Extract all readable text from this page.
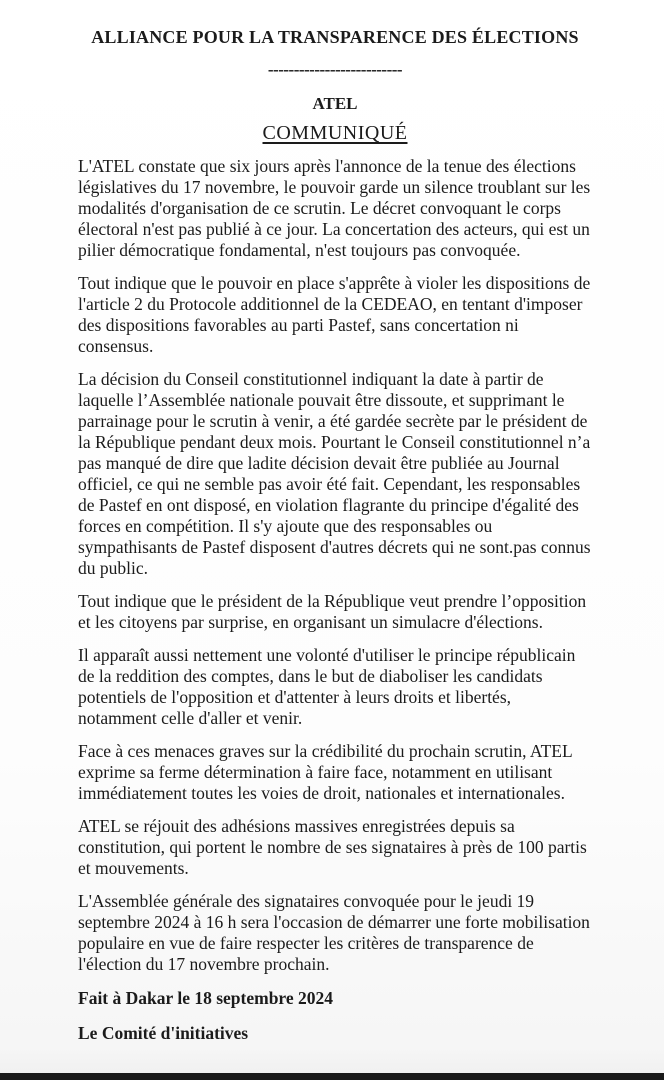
ALLIANCE POUR LA TRANSPARENCE DES ÉLECTIONS
--------------------------
ATEL
COMMUNIQUÉ

L'ATEL constate que six jours après l'annonce de la tenue des élections législatives du 17 novembre, le pouvoir garde un silence troublant sur les modalités d'organisation de ce scrutin. Le décret convoquant le corps électoral n'est pas publié à ce jour. La concertation des acteurs, qui est un pilier démocratique fondamental, n'est toujours pas convoquée.

Tout indique que le pouvoir en place s'apprête à violer les dispositions de l'article 2 du Protocole additionnel de la CEDEAO, en tentant d'imposer des dispositions favorables au parti Pastef, sans concertation ni consensus.

La décision du Conseil constitutionnel indiquant la date à partir de laquelle l’Assemblée nationale pouvait être dissoute, et supprimant le parrainage pour le scrutin à venir, a été gardée secrète par le président de la République pendant deux mois. Pourtant le Conseil constitutionnel n’a pas manqué de dire que ladite décision devait être publiée au Journal officiel, ce qui ne semble pas avoir été fait. Cependant, les responsables de Pastef en ont disposé, en violation flagrante du principe d'égalité des forces en compétition. Il s'y ajoute que des responsables ou sympathisants de Pastef disposent d'autres décrets qui ne sont.pas connus du public.

Tout indique que le président de la République veut prendre l’opposition et les citoyens par surprise, en organisant un simulacre d'élections.

Il apparaît aussi nettement une volonté d'utiliser le principe républicain de la reddition des comptes, dans le but de diaboliser les candidats potentiels de l'opposition et d'attenter à leurs droits et libertés, notamment celle d'aller et venir.

Face à ces menaces graves sur la crédibilité du prochain scrutin, ATEL exprime sa ferme détermination à faire face, notamment en utilisant immédiatement toutes les voies de droit, nationales et internationales.

ATEL se réjouit des adhésions massives enregistrées depuis sa constitution, qui portent le nombre de ses signataires à près de 100 partis et mouvements.

L'Assemblée générale des signataires convoquée pour le jeudi 19 septembre 2024 à 16 h sera l'occasion de démarrer une forte mobilisation populaire en vue de faire respecter les critères de transparence de l'élection du 17 novembre prochain.

Fait à Dakar le 18 septembre 2024
Le Comité d'initiatives
